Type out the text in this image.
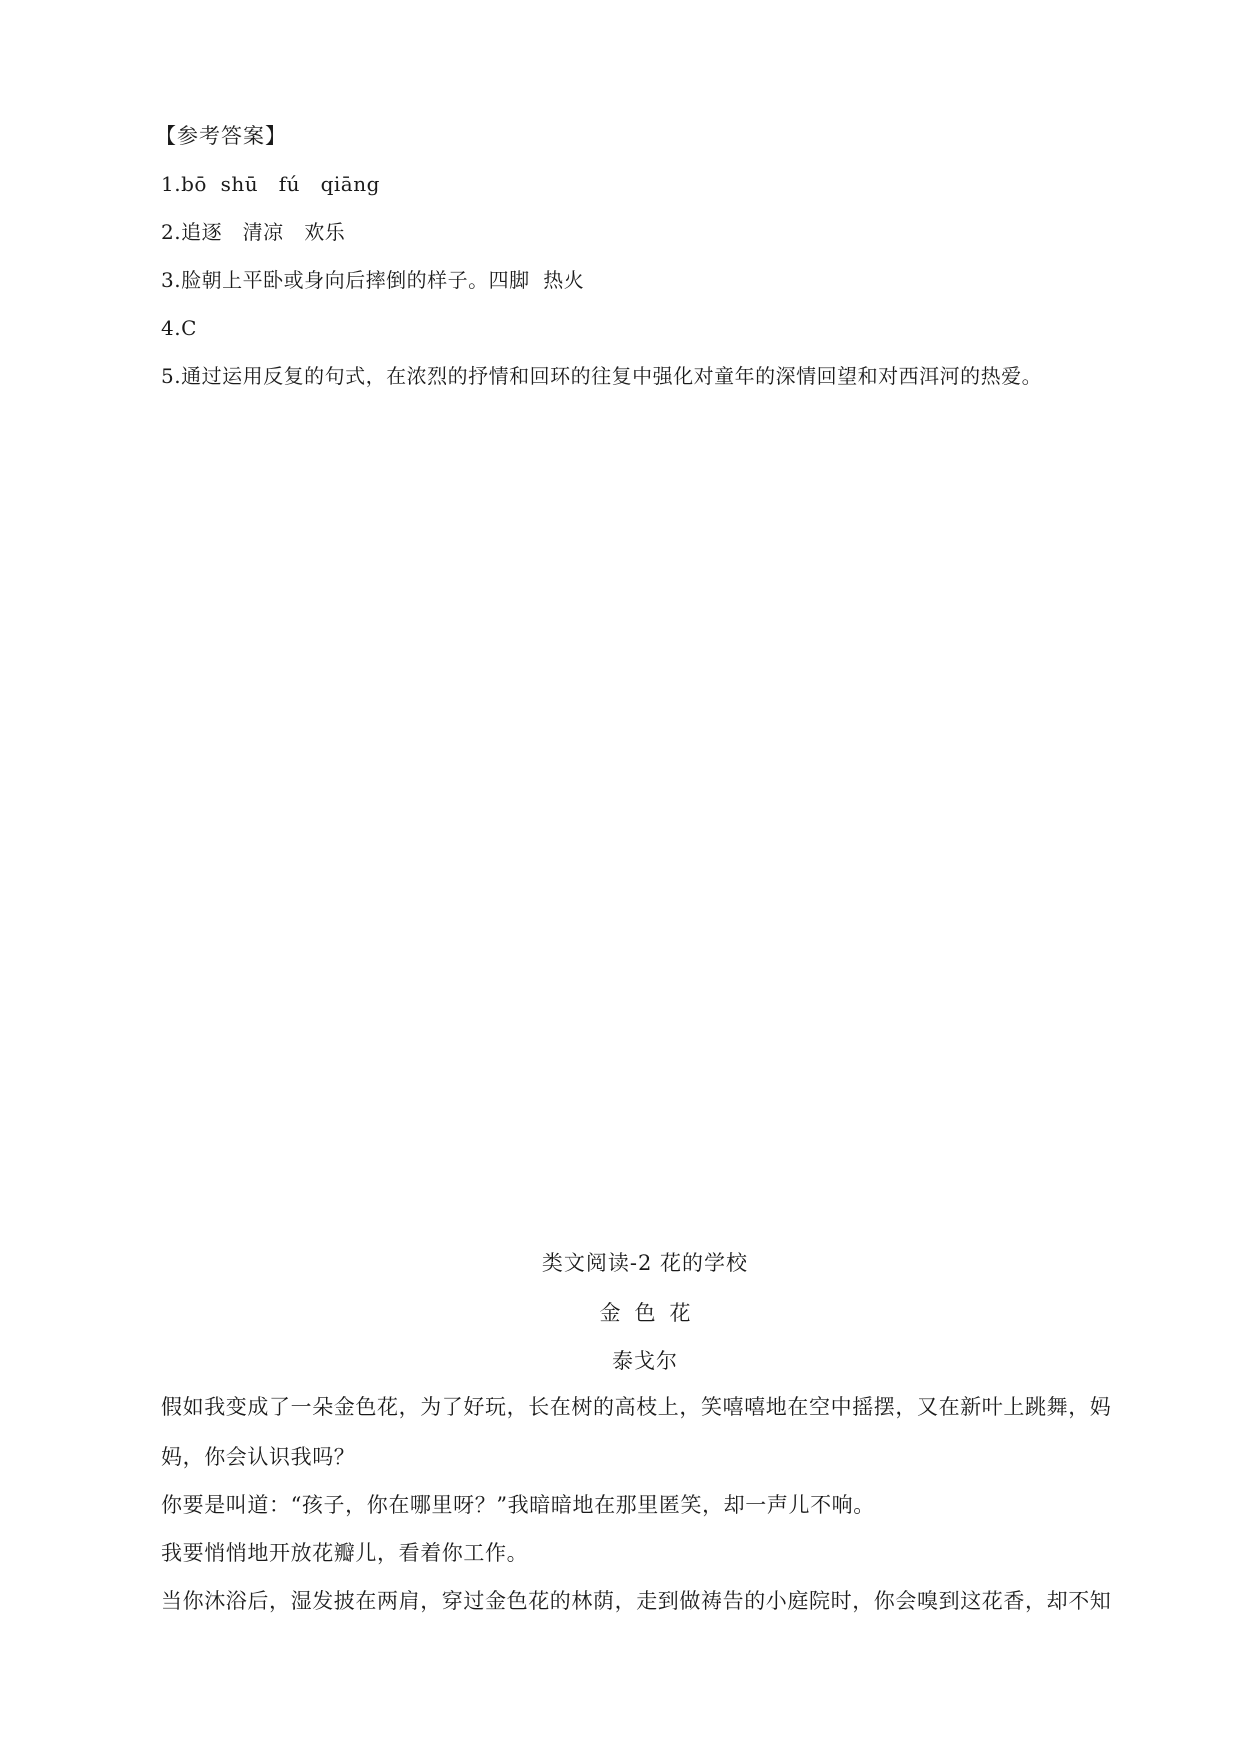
【参考答案】
1.bō  shū   fú   qiāng
2.追逐   清凉   欢乐
3.脸朝上平卧或身向后摔倒的样子。四脚  热火
4.C
5.通过运用反复的句式，在浓烈的抒情和回环的往复中强化对童年的深情回望和对西洱河的热爱。
类文阅读-2 花的学校
金色花
泰戈尔

假如我变成了一朵金色花，为了好玩，长在树的高枝上，笑嘻嘻地在空中摇摆，又在新叶上跳舞，妈
妈，你会认识我吗？

你要是叫道：“孩子，你在哪里呀？”我暗暗地在那里匿笑，却一声儿不响。

我要悄悄地开放花瓣儿，看着你工作。

当你沐浴后，湿发披在两肩，穿过金色花的林荫，走到做祷告的小庭院时，你会嗅到这花香，却不知
